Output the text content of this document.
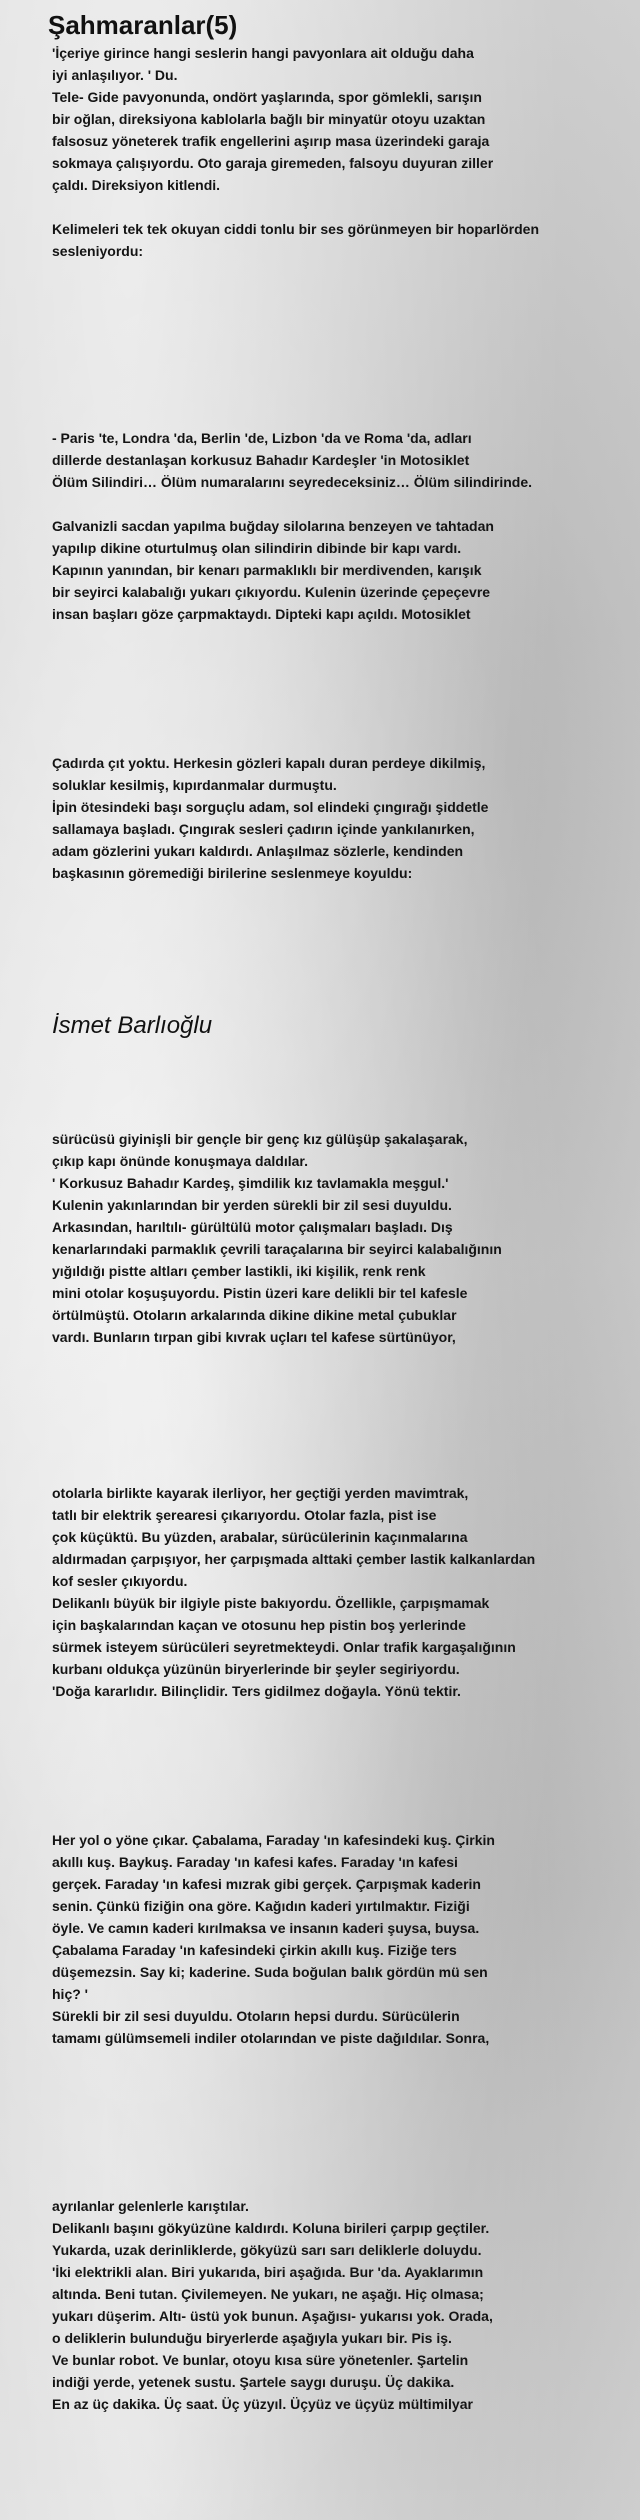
Şahmaranlar(5)

'İçeriye girince hangi seslerin hangi pavyonlara ait olduğu daha
iyi anlaşılıyor. ' Du.
Tele- Gide pavyonunda, ondört yaşlarında, spor gömlekli, sarışın
bir oğlan, direksiyona kablolarla bağlı bir minyatür otoyu uzaktan
falsosuz yöneterek trafik engellerini aşırıp masa üzerindeki garaja
sokmaya çalışıyordu. Oto garaja giremeden, falsoyu duyuran ziller
çaldı. Direksiyon kitlendi.

Kelimeleri tek tek okuyan ciddi tonlu bir ses görünmeyen bir hoparlörden
sesleniyordu:

- Paris 'te, Londra 'da, Berlin 'de, Lizbon 'da ve Roma 'da, adları
dillerde destanlaşan korkusuz Bahadır Kardeşler 'in Motosiklet
Ölüm Silindiri… Ölüm numaralarını seyredeceksiniz… Ölüm silindirinde.

Galvanizli sacdan yapılma buğday silolarına benzeyen ve tahtadan
yapılıp dikine oturtulmuş olan silindirin dibinde bir kapı vardı.
Kapının yanından, bir kenarı parmaklıklı bir merdivenden, karışık
bir seyirci kalabalığı yukarı çıkıyordu. Kulenin üzerinde çepeçevre
insan başları göze çarpmaktaydı. Dipteki kapı açıldı. Motosiklet

Çadırda çıt yoktu. Herkesin gözleri kapalı duran perdeye dikilmiş,
soluklar kesilmiş, kıpırdanmalar durmuştu.
İpin ötesindeki başı sorguçlu adam, sol elindeki çıngırağı şiddetle
sallamaya başladı. Çıngırak sesleri çadırın içinde yankılanırken,
adam gözlerini yukarı kaldırdı. Anlaşılmaz sözlerle, kendinden
başkasının göremediği birilerine seslenmeye koyuldu:

İsmet Barlıoğlu

sürücüsü giyinişli bir gençle bir genç kız gülüşüp şakalaşarak,
çıkıp kapı önünde konuşmaya daldılar.
' Korkusuz Bahadır Kardeş, şimdilik kız tavlamakla meşgul.'
Kulenin yakınlarından bir yerden sürekli bir zil sesi duyuldu.
Arkasından, harıltılı- gürültülü motor çalışmaları başladı. Dış
kenarlarındaki parmaklık çevrili taraçalarına bir seyirci kalabalığının
yığıldığı pistte altları çember lastikli, iki kişilik, renk renk
mini otolar koşuşuyordu. Pistin üzeri kare delikli bir tel kafesle
örtülmüştü. Otoların arkalarında dikine dikine metal çubuklar
vardı. Bunların tırpan gibi kıvrak uçları tel kafese sürtünüyor,

otolarla birlikte kayarak ilerliyor, her geçtiği yerden mavimtrak,
tatlı bir elektrik şerearesi çıkarıyordu. Otolar fazla, pist ise
çok küçüktü. Bu yüzden, arabalar, sürücülerinin kaçınmalarına
aldırmadan çarpışıyor, her çarpışmada alttaki çember lastik kalkanlardan
kof sesler çıkıyordu.
Delikanlı büyük bir ilgiyle piste bakıyordu. Özellikle, çarpışmamak
için başkalarından kaçan ve otosunu hep pistin boş yerlerinde
sürmek isteyem sürücüleri seyretmekteydi. Onlar trafik kargaşalığının
kurbanı oldukça yüzünün biryerlerinde bir şeyler segiriyordu.
'Doğa kararlıdır. Bilinçlidir. Ters gidilmez doğayla. Yönü tektir.

Her yol o yöne çıkar. Çabalama, Faraday 'ın kafesindeki kuş. Çirkin
akıllı kuş. Baykuş. Faraday 'ın kafesi kafes. Faraday 'ın kafesi
gerçek. Faraday 'ın kafesi mızrak gibi gerçek. Çarpışmak kaderin
senin. Çünkü fiziğin ona göre. Kağıdın kaderi yırtılmaktır. Fiziği
öyle. Ve camın kaderi kırılmaksa ve insanın kaderi şuysa, buysa.
Çabalama Faraday 'ın kafesindeki çirkin akıllı kuş. Fiziğe ters
düşemezsin. Say ki; kaderine. Suda boğulan balık gördün mü sen
hiç? '
Sürekli bir zil sesi duyuldu. Otoların hepsi durdu. Sürücülerin
tamamı gülümsemeli indiler otolarından ve piste dağıldılar. Sonra,

ayrılanlar gelenlerle karıştılar.
Delikanlı başını gökyüzüne kaldırdı. Koluna birileri çarpıp geçtiler.
Yukarda, uzak derinliklerde, gökyüzü sarı sarı deliklerle doluydu.
'İki elektrikli alan. Biri yukarıda, biri aşağıda. Bur 'da. Ayaklarımın
altında. Beni tutan. Çivilemeyen. Ne yukarı, ne aşağı. Hiç olmasa;
yukarı düşerim. Altı- üstü yok bunun. Aşağısı- yukarısı yok. Orada,
o deliklerin bulunduğu biryerlerde aşağıyla yukarı bir. Pis iş.
Ve bunlar robot. Ve bunlar, otoyu kısa süre yönetenler. Şartelin
indiği yerde, yetenek sustu. Şartele saygı duruşu. Üç dakika.
En az üç dakika. Üç saat. Üç yüzyıl. Üçyüz ve üçyüz mültimilyar
